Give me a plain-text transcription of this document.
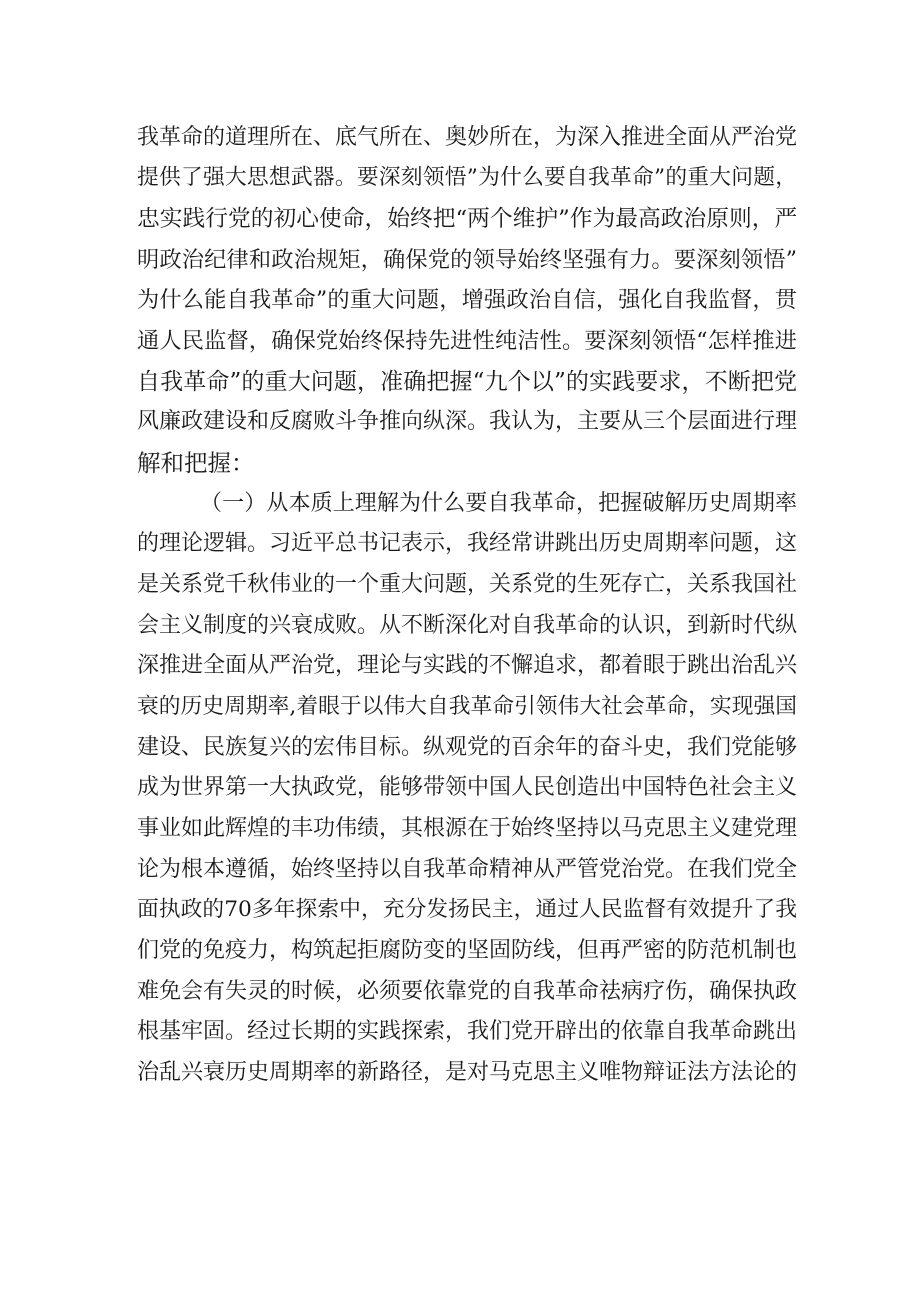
我革命的道理所在、底气所在、奥妙所在，为深入推进全面从严治党

提供了强大思想武器。要深刻领悟”为什么要自我革命”的重大问题，

忠实践行党的初心使命，始终把“两个维护”作为最高政治原则，严

明政治纪律和政治规矩，确保党的领导始终坚强有力。要深刻领悟”

为什么能自我革命”的重大问题，增强政治自信，强化自我监督，贯

通人民监督，确保党始终保持先进性纯洁性。要深刻领悟“怎样推进

自我革命”的重大问题，准确把握“九个以”的实践要求，不断把党

风廉政建设和反腐败斗争推向纵深。我认为，主要从三个层面进行理

解和把握：

（一）从本质上理解为什么要自我革命，把握破解历史周期率

的理论逻辑。习近平总书记表示，我经常讲跳出历史周期率问题，这

是关系党千秋伟业的一个重大问题，关系党的生死存亡，关系我国社

会主义制度的兴衰成败。从不断深化对自我革命的认识，到新时代纵

深推进全面从严治党，理论与实践的不懈追求，都着眼于跳出治乱兴

衰的历史周期率,着眼于以伟大自我革命引领伟大社会革命，实现强国

建设、民族复兴的宏伟目标。纵观党的百余年的奋斗史，我们党能够

成为世界第一大执政党，能够带领中国人民创造出中国特色社会主义

事业如此辉煌的丰功伟绩，其根源在于始终坚持以马克思主义建党理

论为根本遵循，始终坚持以自我革命精神从严管党治党。在我们党全

面执政的70多年探索中，充分发扬民主，通过人民监督有效提升了我

们党的免疫力，构筑起拒腐防变的坚固防线，但再严密的防范机制也

难免会有失灵的时候，必须要依靠党的自我革命祛病疗伤，确保执政

根基牢固。经过长期的实践探索，我们党开辟出的依靠自我革命跳出

治乱兴衰历史周期率的新路径，是对马克思主义唯物辩证法方法论的
